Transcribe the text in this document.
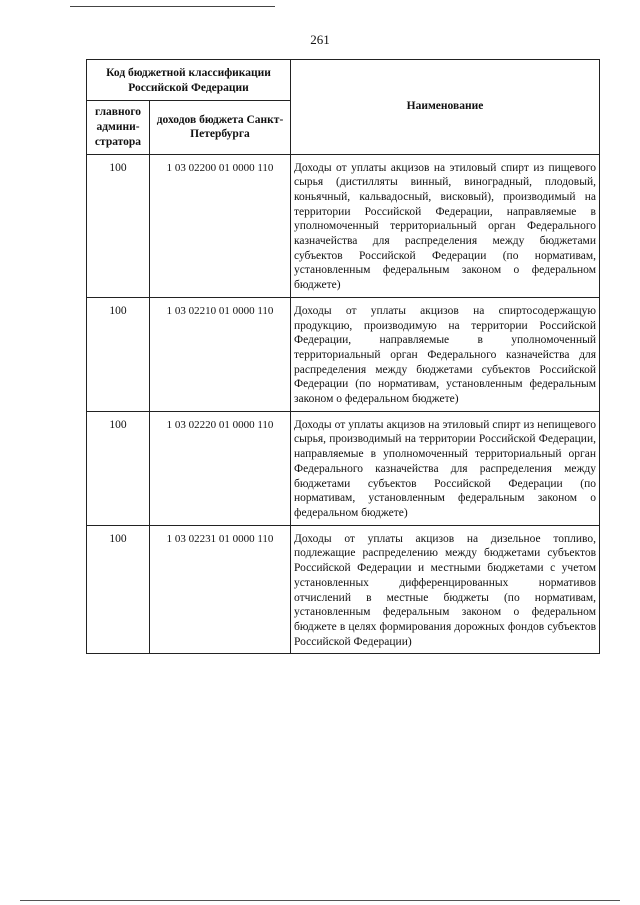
261
Код бюджетной классификации Российской Федерации		Наименование
главного админи-стратора	доходов бюджета Санкт-Петербурга	
100	1 03 02200 01 0000 110	Доходы от уплаты акцизов на этиловый спирт из пищевого сырья (дистилляты винный, виноградный, плодовый, коньячный, кальвадосный, висковый), производимый на территории Российской Федерации, направляемые в уполномоченный территориальный орган Федерального казначейства для распределения между бюджетами субъектов Российской Федерации (по нормативам, установленным федеральным законом о федеральном бюджете)
100	1 03 02210 01 0000 110	Доходы от уплаты акцизов на спиртосодержащую продукцию, производимую на территории Российской Федерации, направляемые в уполномоченный территориальный орган Федерального казначейства для распределения между бюджетами субъектов Российской Федерации (по нормативам, установленным федеральным законом о федеральном бюджете)
100	1 03 02220 01 0000 110	Доходы от уплаты акцизов на этиловый спирт из непищевого сырья, производимый на территории Российской Федерации, направляемые в уполномоченный территориальный орган Федерального казначейства для распределения между бюджетами субъектов Российской Федерации (по нормативам, установленным федеральным законом о федеральном бюджете)
100	1 03 02231 01 0000 110	Доходы от уплаты акцизов на дизельное топливо, подлежащие распределению между бюджетами субъектов Российской Федерации и местными бюджетами с учетом установленных дифференцированных нормативов отчислений в местные бюджеты (по нормативам, установленным федеральным законом о федеральном бюджете в целях формирования дорожных фондов субъектов Российской Федерации)
